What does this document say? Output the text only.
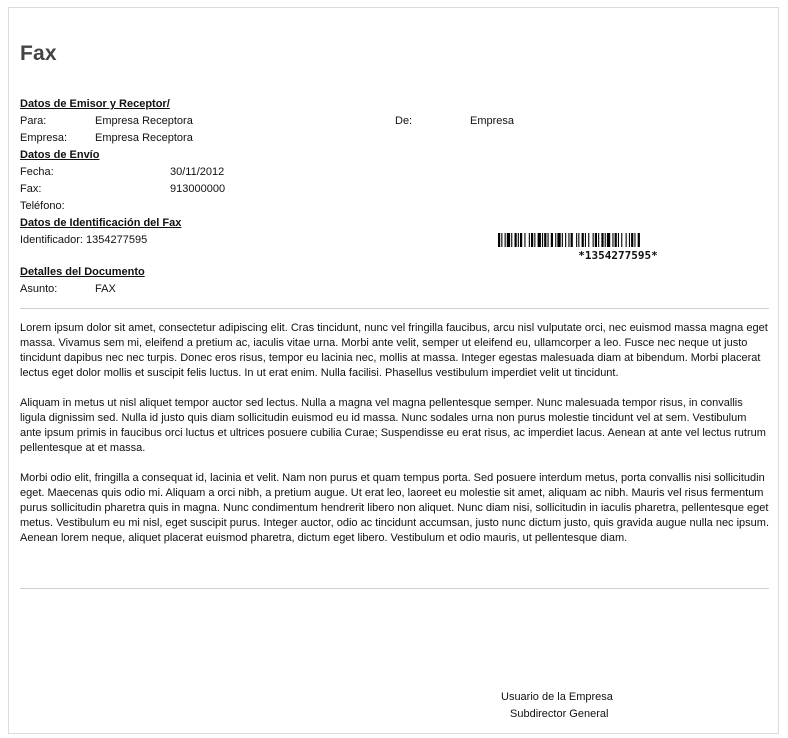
Fax
Datos de Emisor y Receptor/
Para:	Empresa Receptora	De:	Empresa
Empresa:	Empresa Receptora
Datos de Envío
Fecha:	30/11/2012
Fax:	913000000
Teléfono:
Datos de Identificación del Fax
Identificador: 1354277595
*1354277595*
Detalles del Documento
Asunto:	FAX

Lorem ipsum dolor sit amet, consectetur adipiscing elit. Cras tincidunt, nunc vel fringilla faucibus, arcu nisl vulputate orci, nec euismod massa magna eget massa. Vivamus sem mi, eleifend a pretium ac, iaculis vitae urna. Morbi ante velit, semper ut eleifend eu, ullamcorper a leo. Fusce nec neque ut justo tincidunt dapibus nec nec turpis. Donec eros risus, tempor eu lacinia nec, mollis at massa. Integer egestas malesuada diam at bibendum. Morbi placerat lectus eget dolor mollis et suscipit felis luctus. In ut erat enim. Nulla facilisi. Phasellus vestibulum imperdiet velit ut tincidunt.

Aliquam in metus ut nisl aliquet tempor auctor sed lectus. Nulla a magna vel magna pellentesque semper. Nunc malesuada tempor risus, in convallis ligula dignissim sed. Nulla id justo quis diam sollicitudin euismod eu id massa. Nunc sodales urna non purus molestie tincidunt vel at sem. Vestibulum ante ipsum primis in faucibus orci luctus et ultrices posuere cubilia Curae; Suspendisse eu erat risus, ac imperdiet lacus. Aenean at ante vel lectus rutrum pellentesque at et massa.

Morbi odio elit, fringilla a consequat id, lacinia et velit. Nam non purus et quam tempus porta. Sed posuere interdum metus, porta convallis nisi sollicitudin eget. Maecenas quis odio mi. Aliquam a orci nibh, a pretium augue. Ut erat leo, laoreet eu molestie sit amet, aliquam ac nibh. Mauris vel risus fermentum purus sollicitudin pharetra quis in magna. Nunc condimentum hendrerit libero non aliquet. Nunc diam nisi, sollicitudin in iaculis pharetra, pellentesque eget metus. Vestibulum eu mi nisl, eget suscipit purus. Integer auctor, odio ac tincidunt accumsan, justo nunc dictum justo, quis gravida augue nulla nec ipsum. Aenean lorem neque, aliquet placerat euismod pharetra, dictum eget libero. Vestibulum et odio mauris, ut pellentesque diam.

Usuario de la Empresa
Subdirector General
